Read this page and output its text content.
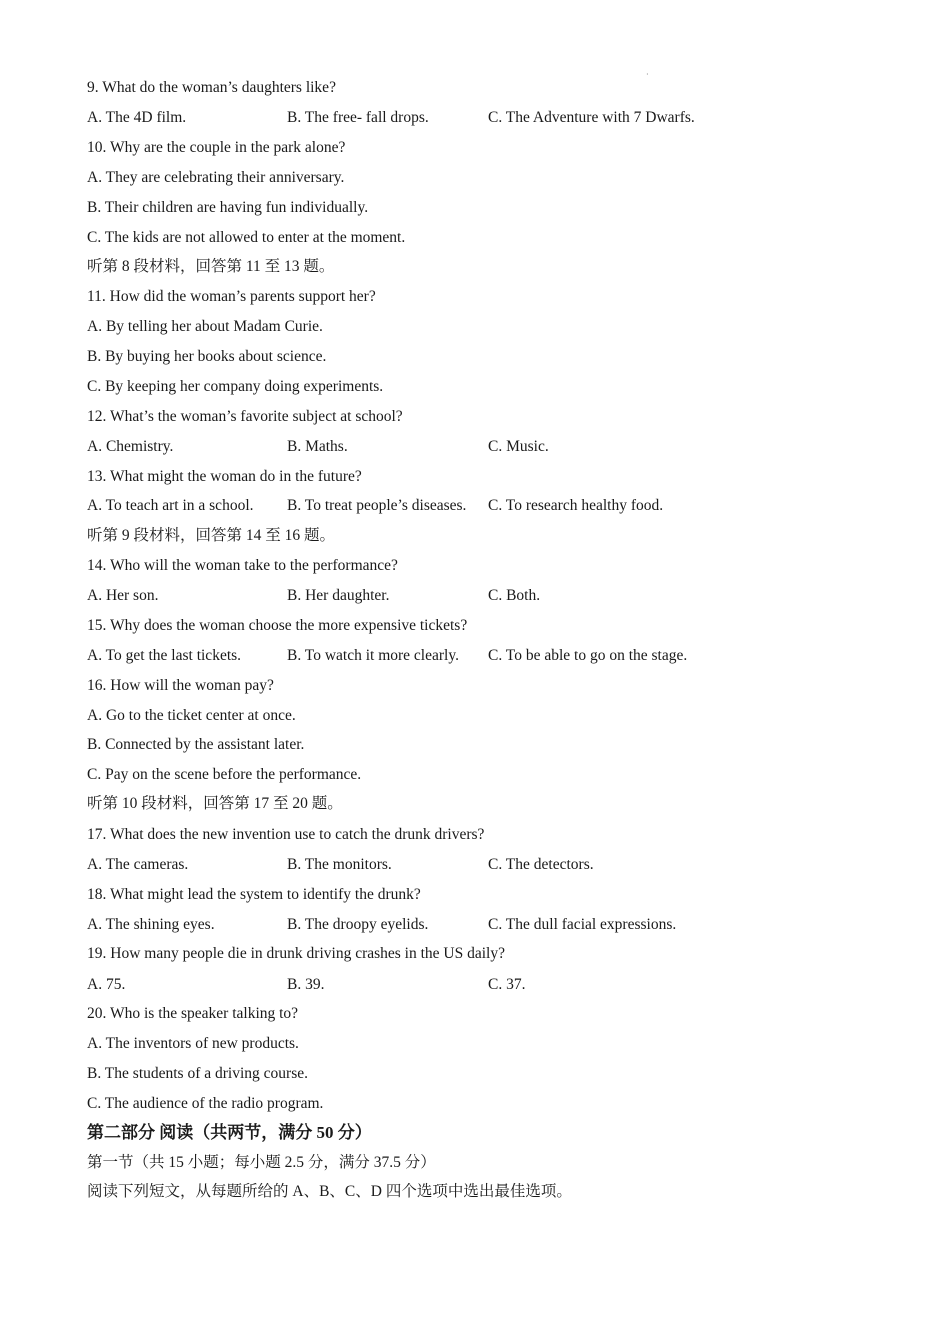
·
9. What do the woman’s daughters like?
A. The 4D film.	B. The free- fall drops.	C. The Adventure with 7 Dwarfs.
10. Why are the couple in the park alone?
A. They are celebrating their anniversary.
B. Their children are having fun individually.
C. The kids are not allowed to enter at the moment.
听第 8 段材料，回答第 11 至 13 题。
11. How did the woman’s parents support her?
A. By telling her about Madam Curie.
B. By buying her books about science.
C. By keeping her company doing experiments.
12. What’s the woman’s favorite subject at school?
A. Chemistry.	B. Maths.	C. Music.
13. What might the woman do in the future?
A. To teach art in a school. B. To treat people’s diseases. C. To research healthy food.
听第 9 段材料，回答第 14 至 16 题。
14. Who will the woman take to the performance?
A. Her son.	B. Her daughter.	C. Both.
15. Why does the woman choose the more expensive tickets?
A. To get the last tickets.	B. To watch it more clearly. C. To be able to go on the stage.
16. How will the woman pay?
A. Go to the ticket center at once.
B. Connected by the assistant later.
C. Pay on the scene before the performance.
听第 10 段材料，回答第 17 至 20 题。
17. What does the new invention use to catch the drunk drivers?
A. The cameras.	B. The monitors.	C. The detectors.
18. What might lead the system to identify the drunk?
A. The shining eyes.	B. The droopy eyelids.	C. The dull facial expressions.
19. How many people die in drunk driving crashes in the US daily?
A. 75.	B. 39.	C. 37.
20. Who is the speaker talking to?
A. The inventors of new products.
B. The students of a driving course.
C. The audience of the radio program.
第二部分 阅读（共两节，满分 50 分）
第一节（共 15 小题；每小题 2.5 分，满分 37.5 分）
阅读下列短文，从每题所给的 A、B、C、D 四个选项中选出最佳选项。
